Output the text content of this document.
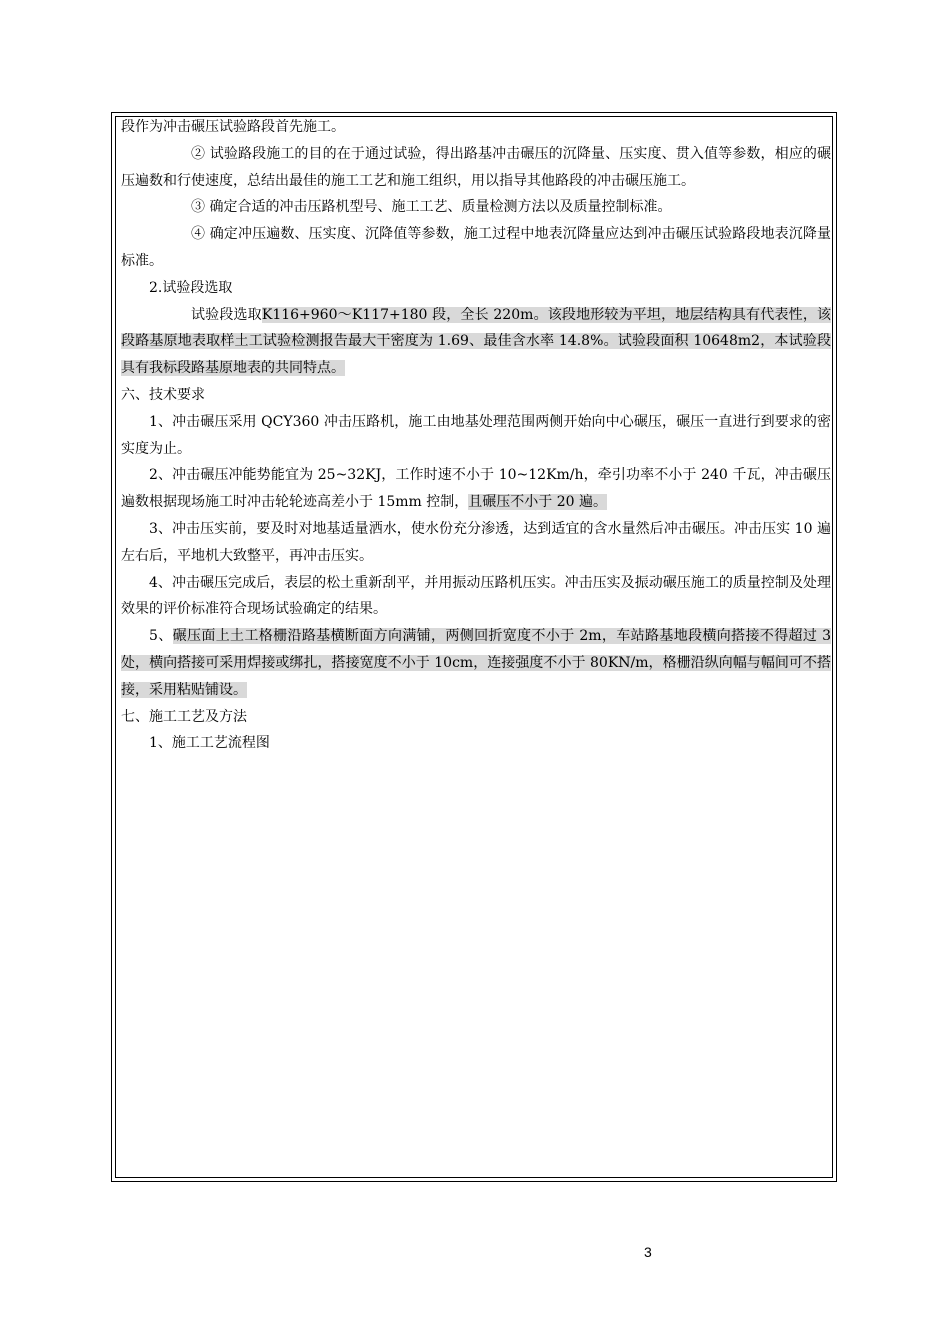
段作为冲击碾压试验路段首先施工。

② 试验路段施工的目的在于通过试验，得出路基冲击碾压的沉降量、压实度、贯入值等参数，相应的碾压遍数和行使速度，总结出最佳的施工工艺和施工组织，用以指导其他路段的冲击碾压施工。

③ 确定合适的冲击压路机型号、施工工艺、质量检测方法以及质量控制标准。

④ 确定冲压遍数、压实度、沉降值等参数，施工过程中地表沉降量应达到冲击碾压试验路段地表沉降量标准。

2.试验段选取

试验段选取K116+960～K117+180 段，全长 220m。该段地形较为平坦，地层结构具有代表性，该段路基原地表取样土工试验检测报告最大干密度为 1.69、最佳含水率 14.8%。试验段面积 10648m2，本试验段具有我标段路基原地表的共同特点。

六、技术要求

1、冲击碾压采用 QCY360 冲击压路机，施工由地基处理范围两侧开始向中心碾压，碾压一直进行到要求的密实度为止。

2、冲击碾压冲能势能宜为 25~32KJ，工作时速不小于 10~12Km/h，牵引功率不小于 240 千瓦，冲击碾压遍数根据现场施工时冲击轮轮迹高差小于 15mm 控制，且碾压不小于 20 遍。

3、冲击压实前，要及时对地基适量洒水，使水份充分渗透，达到适宜的含水量然后冲击碾压。冲击压实 10 遍左右后，平地机大致整平，再冲击压实。

4、冲击碾压完成后，表层的松土重新刮平，并用振动压路机压实。冲击压实及振动碾压施工的质量控制及处理效果的评价标准符合现场试验确定的结果。

5、碾压面上土工格栅沿路基横断面方向满铺，两侧回折宽度不小于 2m，车站路基地段横向搭接不得超过 3 处，横向搭接可采用焊接或绑扎，搭接宽度不小于 10cm，连接强度不小于 80KN/m，格栅沿纵向幅与幅间可不搭接，采用粘贴铺设。

七、施工工艺及方法

1、施工工艺流程图

3
